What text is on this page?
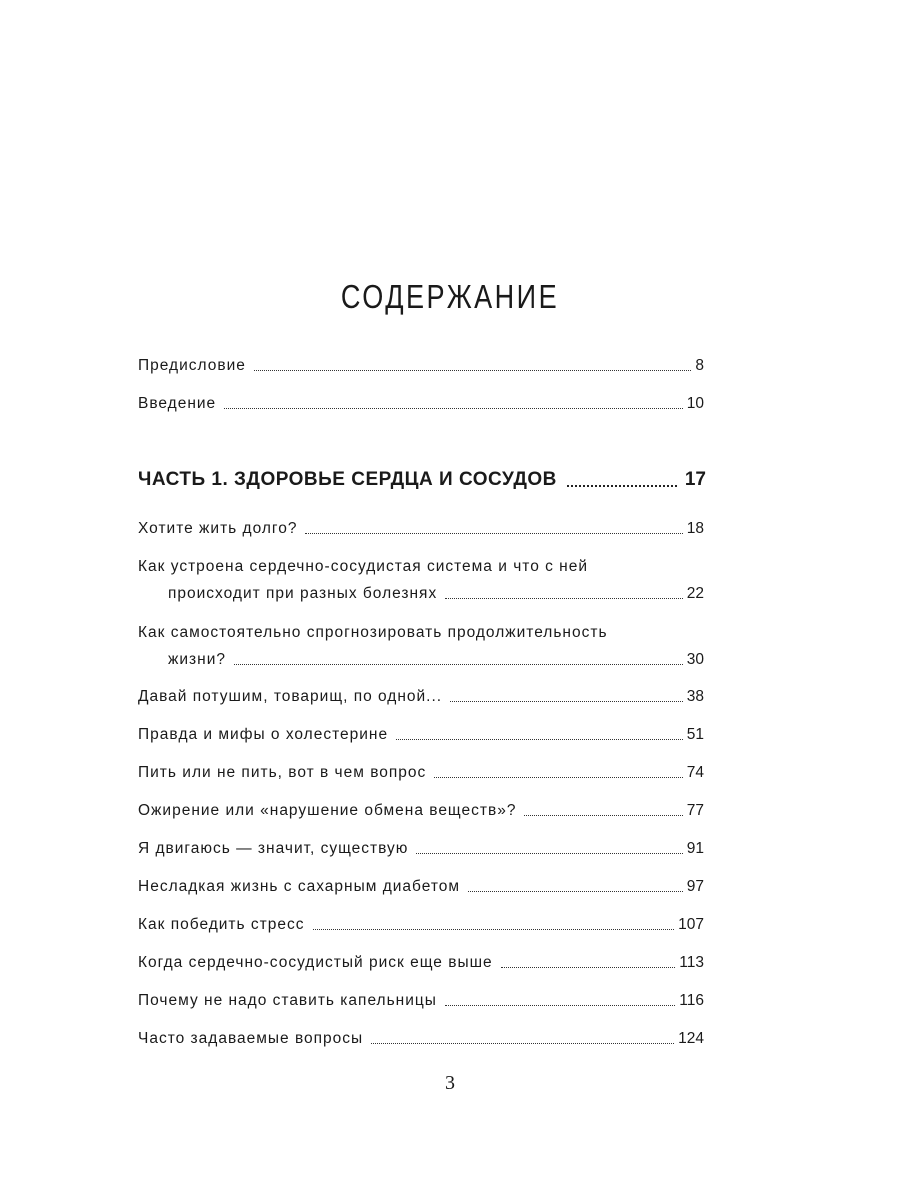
СОДЕРЖАНИЕ
Предисловие	8
Введение	10
ЧАСТЬ 1. ЗДОРОВЬЕ СЕРДЦА И СОСУДОВ	17
Хотите жить долго?	18
Как устроена сердечно-сосудистая система и что с ней
происходит при разных болезнях	22
Как самостоятельно спрогнозировать продолжительность
жизни?	30
Давай потушим, товарищ, по одной...	38
Правда и мифы о холестерине	51
Пить или не пить, вот в чем вопрос	74
Ожирение или «нарушение обмена веществ»?	77
Я двигаюсь — значит, существую	91
Несладкая жизнь с сахарным диабетом	97
Как победить стресс	107
Когда сердечно-сосудистый риск еще выше	113
Почему не надо ставить капельницы	116
Часто задаваемые вопросы	124
3
